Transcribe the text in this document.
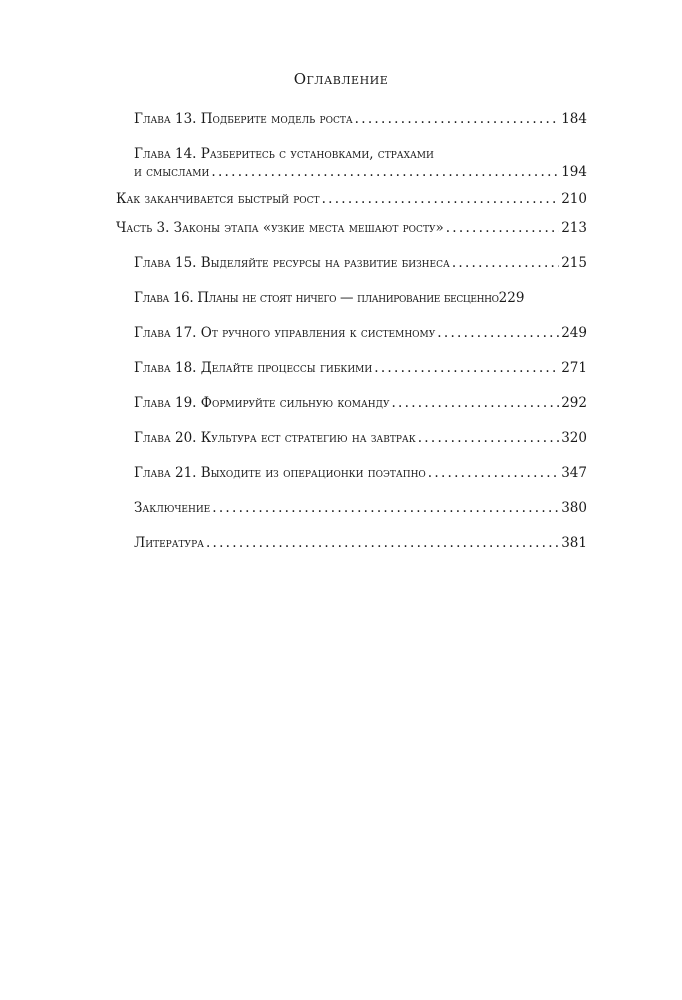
Оглавление
Глава 13. Подберите модель роста . . .	184
Глава 14. Разберитесь с установками, страхами
и смыслами . . .	194
Как заканчивается быстрый рост . . .	210
Часть 3. Законы этапа «узкие места мешают росту» . . .	213
Глава 15. Выделяйте ресурсы на развитие бизнеса . . .	215
Глава 16. Планы не стоят ничего — планирование бесценно 229
Глава 17. От ручного управления к системному . . .	249
Глава 18. Делайте процессы гибкими . . .	271
Глава 19. Формируйте сильную команду . . .	292
Глава 20. Культура ест стратегию на завтрак . . .	320
Глава 21. Выходите из операционки поэтапно . . .	347
Заключение . . .	380
Литература . . .	381
